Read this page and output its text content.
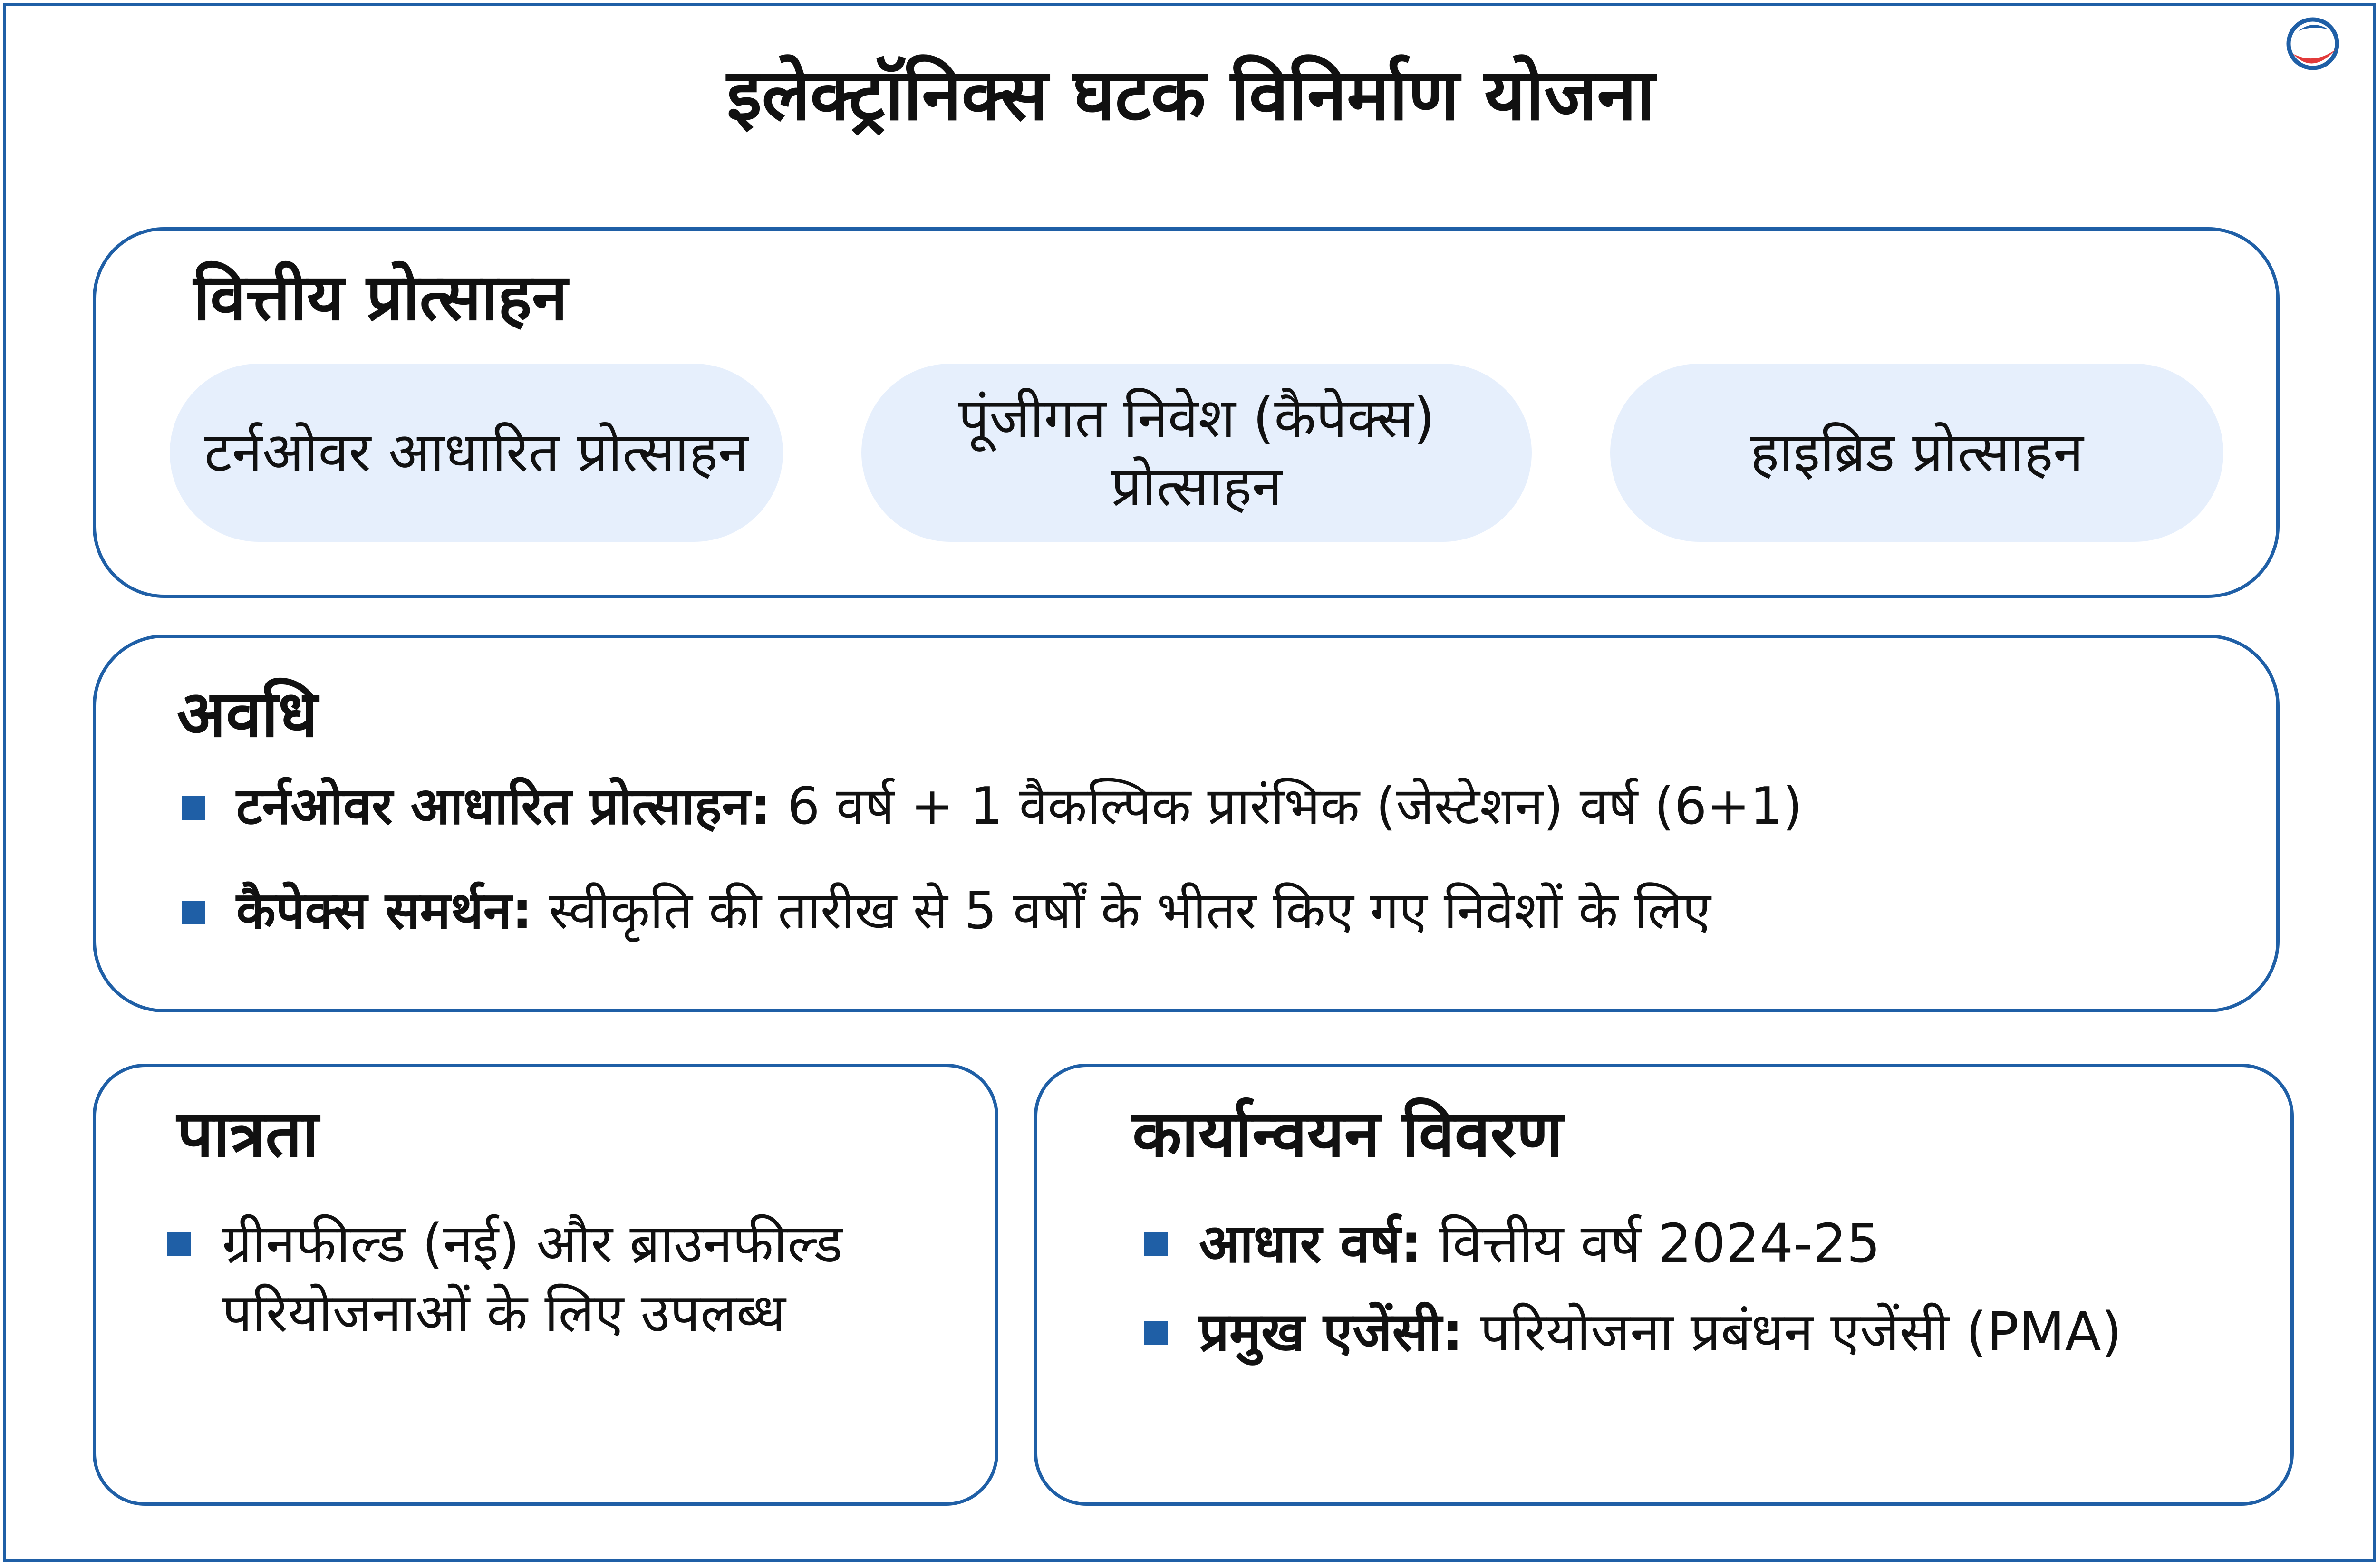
इलेक्ट्रॉनिक्स घटक विनिर्माण योजना
वित्तीय प्रोत्साहन
टर्नओवर आधारित प्रोत्साहन
पूंजीगत निवेश (कैपेक्स) प्रोत्साहन
हाइब्रिड प्रोत्साहन
अवधि
टर्नओवर आधारित प्रोत्साहन: 6 वर्ष + 1 वैकल्पिक प्रारंभिक (जेस्टेशन) वर्ष (6+1)
कैपेक्स समर्थन: स्वीकृति की तारीख से 5 वर्षों के भीतर किए गए निवेशों के लिए
पात्रता
ग्रीनफील्ड (नई) और ब्राउनफील्ड परियोजनाओं के लिए उपलब्ध
कार्यान्वयन विवरण
आधार वर्ष: वित्तीय वर्ष 2024-25
प्रमुख एजेंसी: परियोजना प्रबंधन एजेंसी (PMA)
